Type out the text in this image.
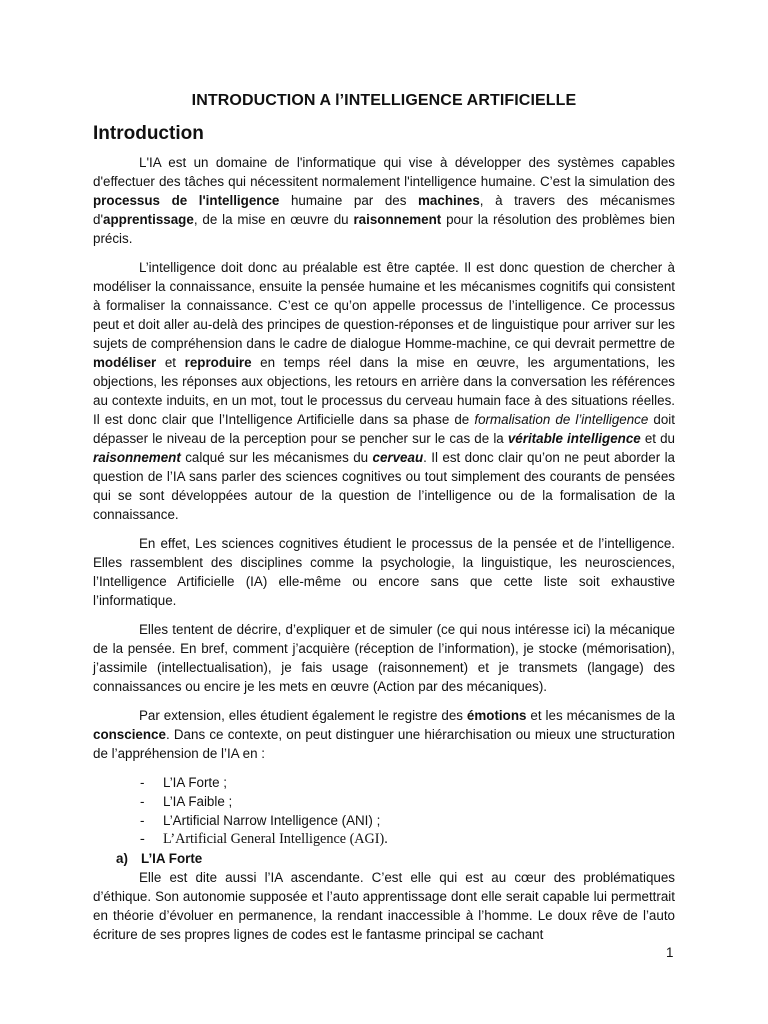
INTRODUCTION A l’INTELLIGENCE ARTIFICIELLE
Introduction

L'IA est un domaine de l'informatique qui vise à développer des systèmes capables d'effectuer des tâches qui nécessitent normalement l'intelligence humaine. C’est la simulation des processus de l'intelligence humaine par des machines, à travers des mécanismes d'apprentissage, de la mise en œuvre du raisonnement pour la résolution des problèmes bien précis.

L’intelligence doit donc au préalable est être captée. Il est donc question de chercher à modéliser la connaissance, ensuite la pensée humaine et les mécanismes cognitifs qui consistent à formaliser la connaissance. C’est ce qu’on appelle processus de l’intelligence. Ce processus peut et doit aller au-delà des principes de question-réponses et de linguistique pour arriver sur les sujets de compréhension dans le cadre de dialogue Homme-machine, ce qui devrait permettre de modéliser et reproduire en temps réel dans la mise en œuvre, les argumentations, les objections, les réponses aux objections, les retours en arrière dans la conversation les références au contexte induits, en un mot, tout le processus du cerveau humain face à des situations réelles. Il est donc clair que l’Intelligence Artificielle dans sa phase de formalisation de l’intelligence doit dépasser le niveau de la perception pour se pencher sur le cas de la véritable intelligence et du raisonnement calqué sur les mécanismes du cerveau. Il est donc clair qu’on ne peut aborder la question de l’IA sans parler des sciences cognitives ou tout simplement des courants de pensées qui se sont développées autour de la question de l’intelligence ou de la formalisation de la connaissance.

En effet, Les sciences cognitives étudient le processus de la pensée et de l’intelligence. Elles rassemblent des disciplines comme la psychologie, la linguistique, les neurosciences, l’Intelligence Artificielle (IA) elle-même ou encore sans que cette liste soit exhaustive l’informatique.

Elles tentent de décrire, d’expliquer et de simuler (ce qui nous intéresse ici) la mécanique de la pensée. En bref, comment j’acquière (réception de l’information), je stocke (mémorisation), j’assimile (intellectualisation), je fais usage (raisonnement) et je transmets (langage) des connaissances ou encire je les mets en œuvre (Action par des mécaniques).

Par extension, elles étudient également le registre des émotions et les mécanismes de la conscience. Dans ce contexte, on peut distinguer une hiérarchisation ou mieux une structuration de l’appréhension de l’IA en :

- L’IA Forte ;
- L’IA Faible ;
- L’Artificial Narrow Intelligence (ANI) ;
- L’Artificial General Intelligence (AGI).
a) L’IA Forte

Elle est dite aussi l’IA ascendante. C’est elle qui est au cœur des problématiques d’éthique. Son autonomie supposée et l’auto apprentissage dont elle serait capable lui permettrait en théorie d’évoluer en permanence, la rendant inaccessible à l’homme. Le doux rêve de l’auto écriture de ses propres lignes de codes est le fantasme principal se cachant

1
